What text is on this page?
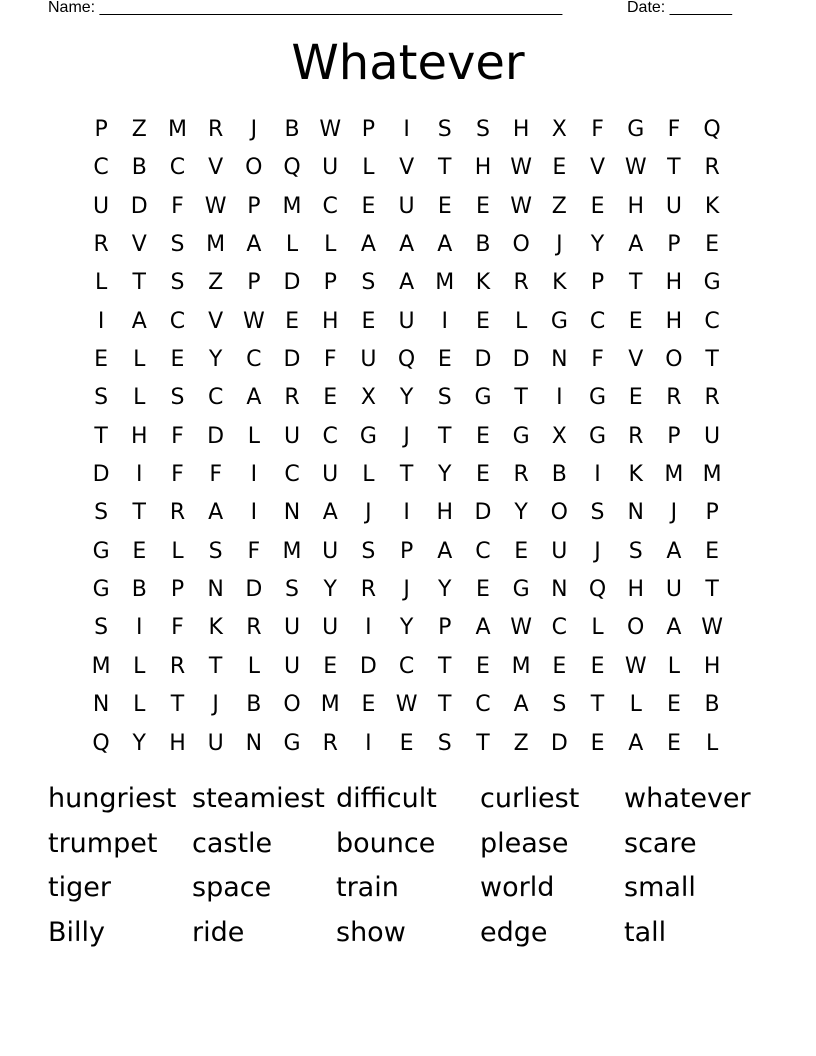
Name: ____________________________________________________	Date: _______
Whatever
P	Z M R	J	B W P	I	S	S	H	X	F	G	F	Q
C	B	C	V O Q U	L	V	T	H W E	V W T	R
U D	F W P	M C	E	U	E	E W Z	E	H U	K
R	V	S M A	L	L	A	A	A	B O	J	Y	A	P	E
L	T	S	Z	P	D	P	S	A M K	R	K	P	T	H G
I	A	C	V W E	H	E	U	I	E	L	G C	E	H	C
E	L	E	Y	C	D	F	U Q	E	D D N	F	V O	T
S	L	S	C	A	R	E	X	Y	S	G	T	I	G	E	R	R
T	H	F	D	L	U	C G	J	T	E	G	X	G	R	P	U
D	I	F	F	I	C	U	L	T	Y	E	R	B	I	K M M
S	T	R	A	I	N	A	J	I	H D	Y	O	S	N	J	P
G	E	L	S	F	M U	S	P	A	C	E	U	J	S	A	E
G	B	P	N D	S	Y	R	J	Y	E	G N Q H U	T
S	I	F	K	R	U	U	I	Y	P	A W C	L	O	A W
M	L	R	T	L	U	E	D	C	T	E M E	E W L	H
N	L	T	J	B O M E W T	C	A	S	T	L	E	B
Q	Y	H U N G	R	I	E	S	T	Z	D	E	A	E	L
hungriest steamiest difficult	curliest	whatever
trumpet	castle	bounce	please	scare
tiger	space	train	world	small
Billy	ride	show	edge	tall
